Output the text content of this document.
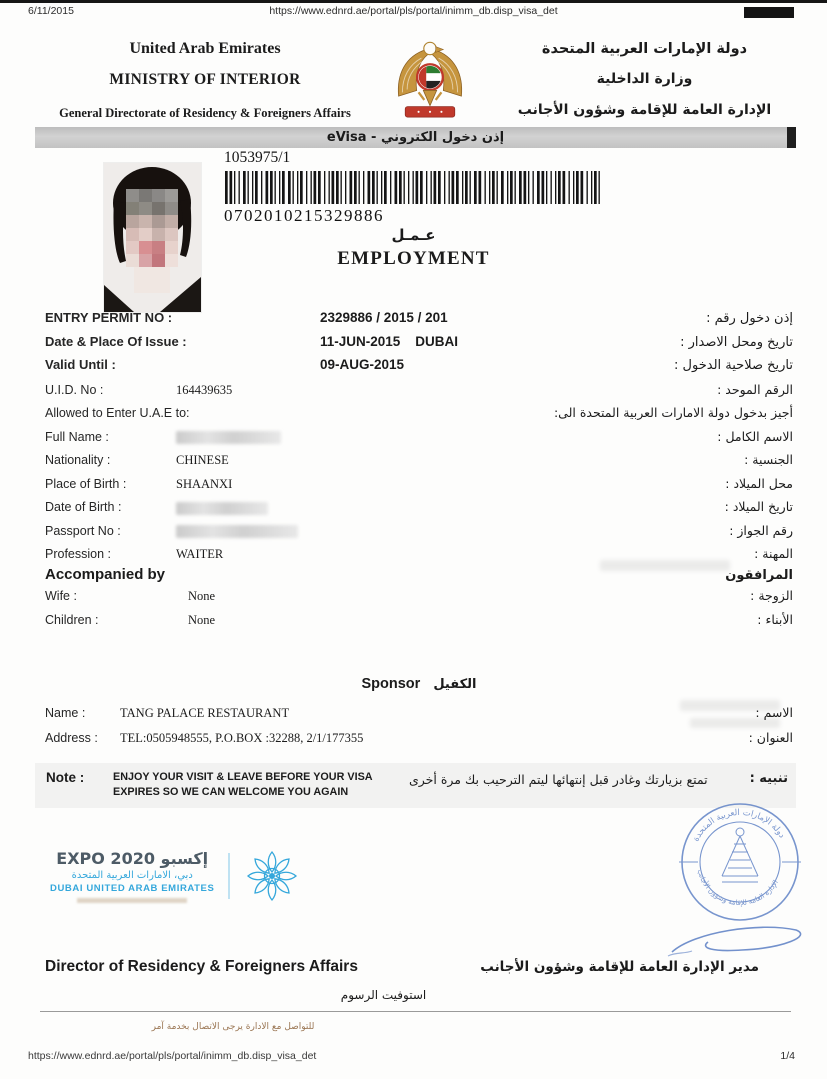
6/11/2015	https://www.ednrd.ae/portal/pls/portal/inimm_db.disp_visa_det
United Arab Emirates
MINISTRY OF INTERIOR
General Directorate of Residency & Foreigners Affairs
دولة الإمارات العربية المتحدة
وزارة الداخلية
الإدارة العامة للإقامة وشؤون الأجانب
eVisa - إذن دخول الكتروني
1053975/1
0702010215329886
عـمـل
EMPLOYMENT
ENTRY PERMIT NO :	2329886 / 2015 / 201	إذن دخول رقم :
Date & Place Of Issue :	11-JUN-2015    DUBAI	تاريخ ومحل الاصدار :
Valid Until :	09-AUG-2015	تاريخ صلاحية الدخول :
U.I.D. No :	164439635	الرقم الموحد :
Allowed to Enter U.A.E to:	أجيز بدخول دولة الامارات العربية المتحدة الى:
Full Name :	الاسم الكامل :
Nationality :	CHINESE	الجنسية :
Place of Birth :	SHAANXI	محل الميلاد :
Date of Birth :	تاريخ الميلاد :
Passport No :	رقم الجواز :
Profession :	WAITER	المهنة :
Accompanied by	المرافقون
Wife :	None	الزوجة :
Children :	None	الأبناء :
Sponsor الكفيل
Name :	TANG PALACE RESTAURANT	الاسم :
Address :	TEL:0505948555, P.O.BOX :32288, 2/1/177355	العنوان :
Note :	ENJOY YOUR VISIT & LEAVE BEFORE YOUR VISA
EXPIRES SO WE CAN WELCOME YOU AGAIN
تمتع بزيارتك وغادر قبل إنتهائها ليتم الترحيب بك مرة أخرى	تنبيه :
EXPO 2020 إكسبو
دبي، الامارات العربية المتحدة
DUBAI UNITED ARAB EMIRATES
دولة الإمارات العربية المتحدة
الإدارة العامة للإقامة وشؤون الأجانب
Director of Residency & Foreigners Affairs	مدير الإدارة العامة للإقامة وشؤون الأجانب
استوفيت الرسوم
للتواصل مع الادارة يرجى الاتصال بخدمة آمر
https://www.ednrd.ae/portal/pls/portal/inimm_db.disp_visa_det	1/4
